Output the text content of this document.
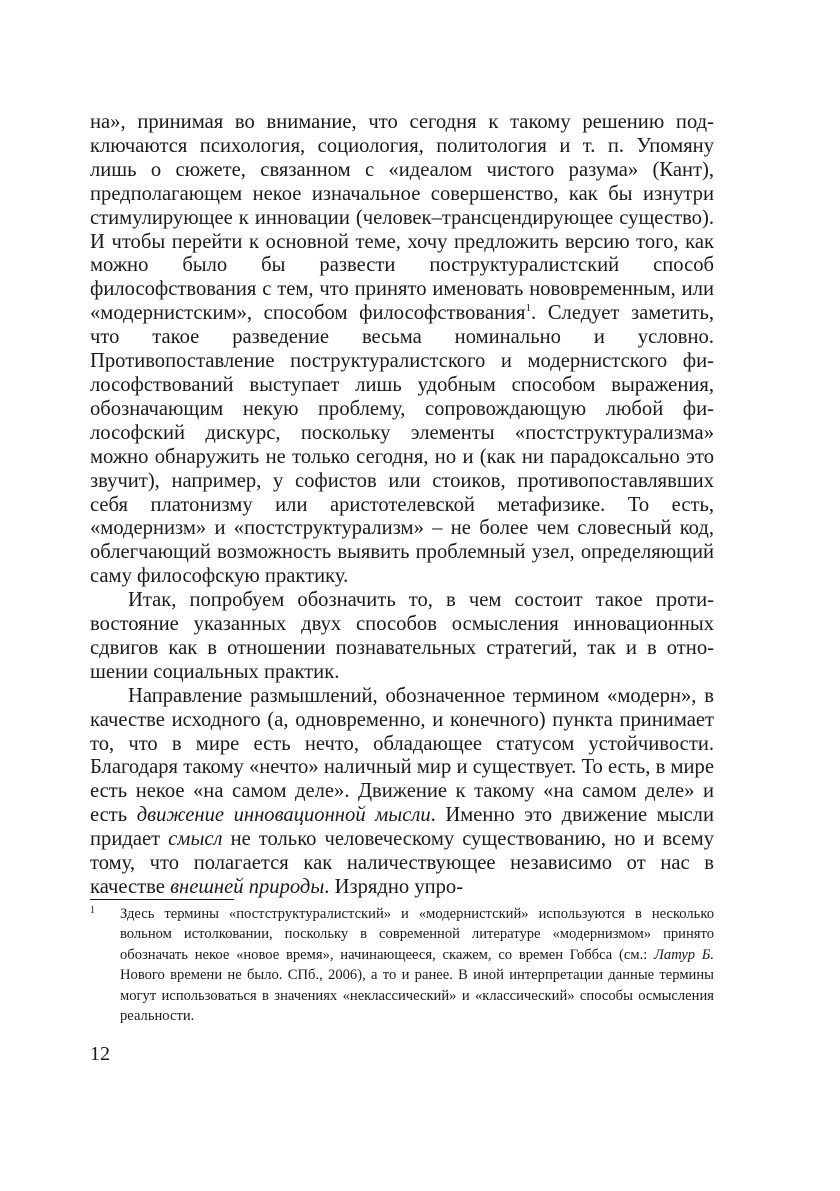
на», принимая во внимание, что сегодня к такому решению подключаются психология, социология, политология и т. п. Упомяну лишь о сюжете, связанном с «идеалом чистого разума» (Кант), предполагающем некое изначальное совершенство, как бы изнутри стимулирующее к инновации (человек–трансцендирующее существо). И чтобы перейти к основной теме, хочу предложить версию того, как можно было бы развести поструктуралистский способ философствования с тем, что принято именовать нововременным, или «модернистским», способом философствования$^1$. Следует заметить, что такое разведение весьма номинально и условно. Противопоставление поструктуралистского и модернистского философствований выступает лишь удобным способом выражения, обозначающим некую проблему, сопровождающую любой философский дискурс, поскольку элементы «постструктурализма» можно обнаружить не только сегодня, но и (как ни парадоксально это звучит), например, у софистов или стоиков, противопоставлявших себя платонизму или аристотелевской метафизике. То есть, «модернизм» и «постструктурализм» – не более чем словесный код, облегчающий возможность выявить проблемный узел, определяющий саму философскую практику.

Итак, попробуем обозначить то, в чем состоит такое противостояние указанных двух способов осмысления инновационных сдвигов как в отношении познавательных стратегий, так и в отношении социальных практик.

Направление размышлений, обозначенное термином «модерн», в качестве исходного (а, одновременно, и конечного) пункта принимает то, что в мире есть нечто, обладающее статусом устойчивости. Благодаря такому «нечто» наличный мир и существует. То есть, в мире есть некое «на самом деле». Движение к такому «на самом деле» и есть движение инновационной мысли. Именно это движение мысли придает смысл не только человеческому существованию, но и всему тому, что полагается как наличествующее независимо от нас в качестве внешней природы. Изрядно упро-

1	Здесь термины «постструктуралистский» и «модернистский» используются в несколько вольном истолковании, поскольку в современной литературе «модернизмом» принято обозначать некое «новое время», начинающееся, скажем, со времен Гоббса (см.: Латур Б. Нового времени не было. СПб., 2006), а то и ранее. В иной интерпретации данные термины могут использоваться в значениях «неклассический» и «классический» способы осмысления реальности.

12
